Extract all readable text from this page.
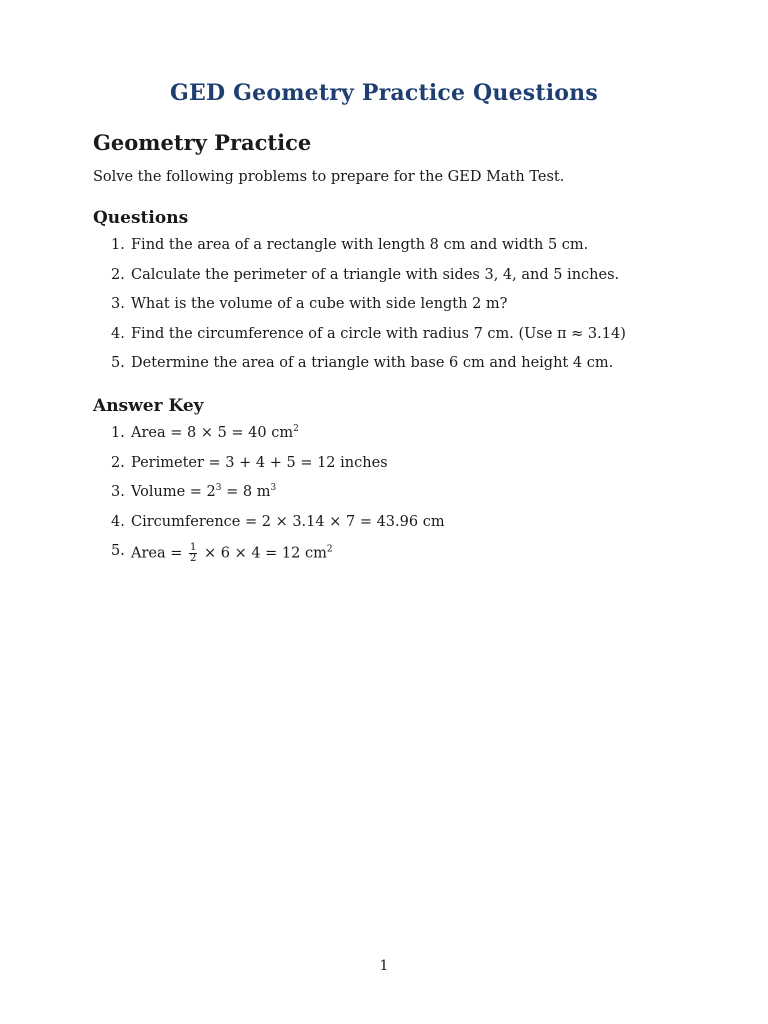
GED Geometry Practice Questions
Geometry Practice
Solve the following problems to prepare for the GED Math Test.
Questions
1. Find the area of a rectangle with length 8 cm and width 5 cm.
2. Calculate the perimeter of a triangle with sides 3, 4, and 5 inches.
3. What is the volume of a cube with side length 2 m?
4. Find the circumference of a circle with radius 7 cm. (Use π ≈ 3.14)
5. Determine the area of a triangle with base 6 cm and height 4 cm.
Answer Key
1. Area = 8 × 5 = 40 $cm^2$
2. Perimeter = 3 + 4 + 5 = 12 inches
3. Volume = $2^3 = 8$ $m^3$
4. Circumference = 2 × 3.14 × 7 = 43.96 cm
5. Area = $\frac{1}{2} \times 6 \times 4 = 12$ $cm^2$
1
